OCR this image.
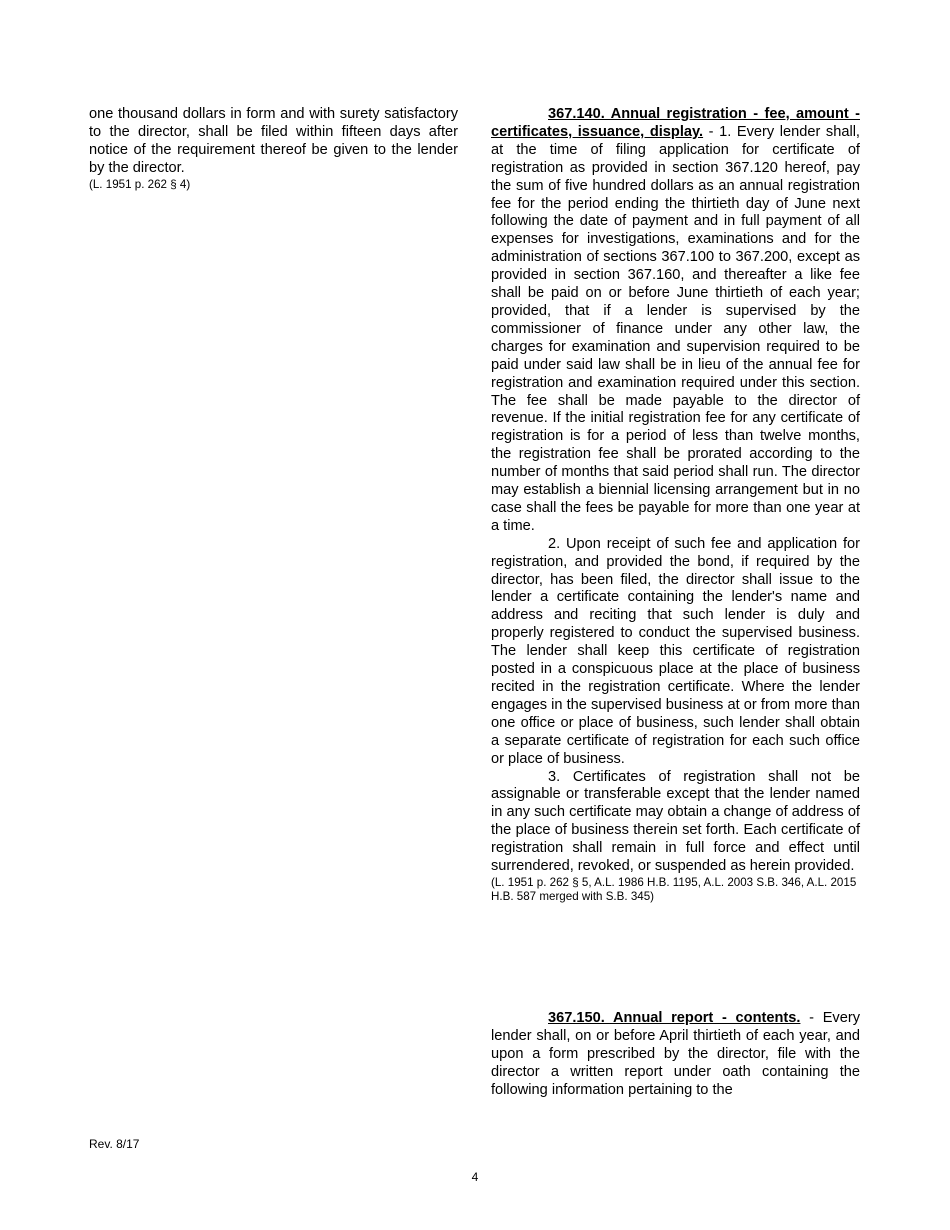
one thousand dollars in form and with surety satisfactory to the director, shall be filed within fifteen days after notice of the requirement thereof be given to the lender by the director.

(L. 1951 p. 262 § 4)

367.140. Annual registration - fee, amount - certificates, issuance, display. - 1. Every lender shall, at the time of filing application for certificate of registration as provided in section 367.120 hereof, pay the sum of five hundred dollars as an annual registration fee for the period ending the thirtieth day of June next following the date of payment and in full payment of all expenses for investigations, examinations and for the administration of sections 367.100 to 367.200, except as provided in section 367.160, and thereafter a like fee shall be paid on or before June thirtieth of each year; provided, that if a lender is supervised by the commissioner of finance under any other law, the charges for examination and supervision required to be paid under said law shall be in lieu of the annual fee for registration and examination required under this section. The fee shall be made payable to the director of revenue. If the initial registration fee for any certificate of registration is for a period of less than twelve months, the registration fee shall be prorated according to the number of months that said period shall run. The director may establish a biennial licensing arrangement but in no case shall the fees be payable for more than one year at a time.

2. Upon receipt of such fee and application for registration, and provided the bond, if required by the director, has been filed, the director shall issue to the lender a certificate containing the lender's name and address and reciting that such lender is duly and properly registered to conduct the supervised business. The lender shall keep this certificate of registration posted in a conspicuous place at the place of business recited in the registration certificate. Where the lender engages in the supervised business at or from more than one office or place of business, such lender shall obtain a separate certificate of registration for each such office or place of business.

3. Certificates of registration shall not be assignable or transferable except that the lender named in any such certificate may obtain a change of address of the place of business therein set forth. Each certificate of registration shall remain in full force and effect until surrendered, revoked, or suspended as herein provided.

(L. 1951 p. 262 § 5, A.L. 1986 H.B. 1195, A.L. 2003 S.B. 346, A.L. 2015 H.B. 587 merged with S.B. 345)

367.150. Annual report - contents. - Every lender shall, on or before April thirtieth of each year, and upon a form prescribed by the director, file with the director a written report under oath containing the following information pertaining to the

Rev. 8/17
4
